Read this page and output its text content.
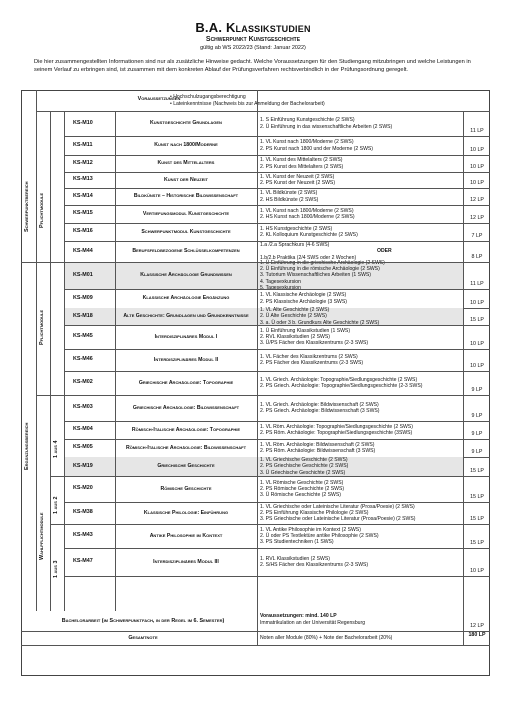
B.A. Klassikstudien
Schwerpunkt Kunstgeschichte
gültig ab WS 2022/23 (Stand: Januar 2022)
Die hier zusammengestellten Informationen sind nur als zusätzliche Hinweise gedacht. Welche Voraussetzungen für den Studiengang mitzubringen und welche Leistungen in seinem Verlauf zu erbringen sind, ist zusammen mit dem konkreten Ablauf der Prüfungsverfahren rechtsverbindlich in der Prüfungsordnung geregelt.
Voraussetzungen
• Hochschulzugangsberechtigung
• Lateinkenntnisse (Nachweis bis zur Anmeldung der Bachelorarbeit)
KS-M10	Kunstgeschichte Grundlagen
1. S Einführung Kunstgeschichte (2 SWS)
2. Ü Einführung in das wissenschaftliche Arbeiten (2 SWS)
11 LP
KS-M11	Kunst nach 1800/Moderne
1. VL Kunst nach 1800/Moderne (2 SWS)
2. PS Kunst nach 1800 und der Moderne (2 SWS)	10 LP
KS-M12	Kunst des Mittelalters
1. VL Kunst des Mittelalters (2 SWS)
2. PS Kunst des Mittelalters (2 SWS)	10 LP
KS-M13	Kunst der Neuzeit
1. VL Kunst der Neuzeit (2 SWS)
2. PS Kunst der Neuzeit (2 SWS)	10 LP
KS-M14	Bildkünste – Historische Bildwissenschaft
1. VL Bildkünste (2 SWS)
2. HS Bildkünste (2 SWS)	12 LP
KS-M15	Vertiefungsmodul Kunstgeschichte
1. VL Kunst nach 1800/Moderne (2 SWS)
2. HS Kunst nach 1800/Moderne (2 SWS)	12 LP
KS-M16	Schwerpunktmodul Kunstgeschichte
1. HS Kunstgeschichte (2 SWS)
2. KL Kolloquium Kunstgeschichte (2 SWS)	7 LP
KS-M44	Berufsfeldbezogene Schlüsselkompetenzen
1.a /2.a Sprachkurs (4-6 SWS)
ODER
1.b/2.b Praktika (2/4 SWS oder 2 Wochen)	8 LP
KS-M01	Klassische Archäologie Grundwissen
1. Ü Einführung in die griechische Archäologie (2 SWS)
2. Ü Einführung in die römische Archäologie (2 SWS)
3. Tutorium Wissenschaftliches Arbeiten (1 SWS)
4. Tagesexkursion
5. Tagesexkursion
11 LP
KS-M09	Klassische Archäologie Ergänzung
1. VL Klassische Archäologie (2 SWS)
2. PS Klassische Archäologie (3 SWS)	10 LP
KS-M18	Alte Geschichte: Grundlagen und Grundkenntnisse
1. VL Alte Geschichte (2 SWS)
2. Ü Alte Geschichte (2 SWS)
3. a. Ü oder 3 b. Grundkurs Alte Geschichte (2 SWS)	15 LP
KS-M45	Interdisziplinäres Modul I
1. Ü Einführung Klassikstudien (1 SWS)
2. RVL Klassikstudien (2 SWS)
3. Ü/PS Fächer des Klassikzentrums (2-3 SWS)	10 LP
KS-M46	Interdisziplinäres Modul II
1. VL Fächer des Klassikzentrums (2 SWS)
2. PS Fächer des Klassikzentrums (2-3 SWS)	10 LP
KS-M02	Griechische Archäologie: Topographie
1. VL Griech. Archäologie: Topographie/Siedlungsgeschichte (2 SWS)
2. PS Griech. Archäologie: Topographie/Siedlungsgeschichte (2-3 SWS)
9 LP
KS-M03	Griechische Archäologie: Bildwissenschaft
1. VL Griech. Archäologie: Bildwissenschaft (2 SWS)
2. PS Griech. Archäologie: Bildwissenschaft (3 SWS)
9 LP
KS-M04	Römisch-Italische Archäologie: Topographie
1. VL Röm. Archäologie: Topographie/Siedlungsgeschichte (2 SWS)
2. PS Röm. Archäologie: Topographie/Siedlungsgeschichte (3SWS)	9 LP
KS-M05	Römisch-Italische Archäologie: Bildwissenschaft
1. VL Röm. Archäologie: Bildwissenschaft (2 SWS)
2. PS Röm. Archäologie: Bildwissenschaft (3 SWS)	9 LP
KS-M19	Griechische Geschichte
1. VL Griechische Geschichte (2 SWS)
2. PS Griechische Geschichte (2 SWS)
3. Ü Griechische Geschichte (2 SWS)	15 LP
KS-M20	Römische Geschichte
1. VL Römische Geschichte (2 SWS)
2. PS Römische Geschichte (2 SWS)
3. Ü Römische Geschichte (2 SWS)	15 LP
KS-M38	Klassische Philologie: Einführung
1. VL Griechische oder Lateinische Literatur (Prosa/Poesie) (2 SWS)
2. PS Einführung Klassische Philologie (2 SWS)
3. PS Griechische oder Lateinische Literatur (Prosa/Poesie) (2 SWS)	15 LP
KS-M43	Antike Philosophie im Kontext
1. VL Antike Philosophie im Kontext (2 SWS)
2. Ü oder PS Textlektüre antike Philosophie (2 SWS)
3. PS Studientechniken (1 SWS)	15 LP
KS-M47	Interdisziplinäres Modul III
1. RVL Klassikstudien (2 SWS)
2. S/HS Fächer des Klassikzentrums (2-3 SWS)
10 LP
Bachelorarbeit (im Schwerpunktfach, in der Regel im 6. Semester)
Voraussetzungen: mind. 140 LP
Immatrikulation an der Universität Regensburg	12 LP
Gesamtnote	Noten aller Module (80%) + Note der Bachelorarbeit (20%)	180 LP
Schwerpunktbereich Pflichtmodule
Ergänzungsbereich
Pflichtmodule
Wahlpflichtmodule
1 aus 4
1 aus 2
1 aus 3
